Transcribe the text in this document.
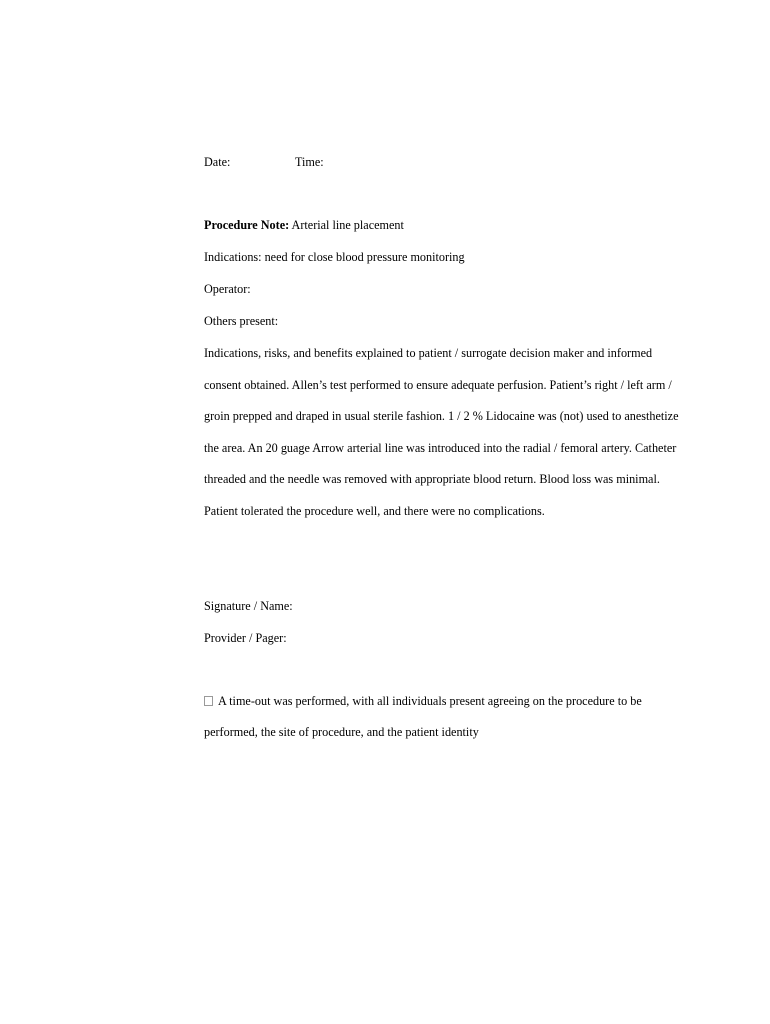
Date:	Time:
Procedure Note: Arterial line placement
Indications: need for close blood pressure monitoring
Operator:
Others present:
Indications, risks, and benefits explained to patient / surrogate decision maker and informed
consent obtained. Allen’s test performed to ensure adequate perfusion. Patient’s right / left arm /
groin prepped and draped in usual sterile fashion. 1 / 2 % Lidocaine was (not) used to anesthetize
the area. An 20 guage Arrow arterial line was introduced into the radial / femoral artery. Catheter
threaded and the needle was removed with appropriate blood return. Blood loss was minimal.
Patient tolerated the procedure well, and there were no complications.
Signature / Name:
Provider / Pager:
A time-out was performed, with all individuals present agreeing on the procedure to be
performed, the site of procedure, and the patient identity
